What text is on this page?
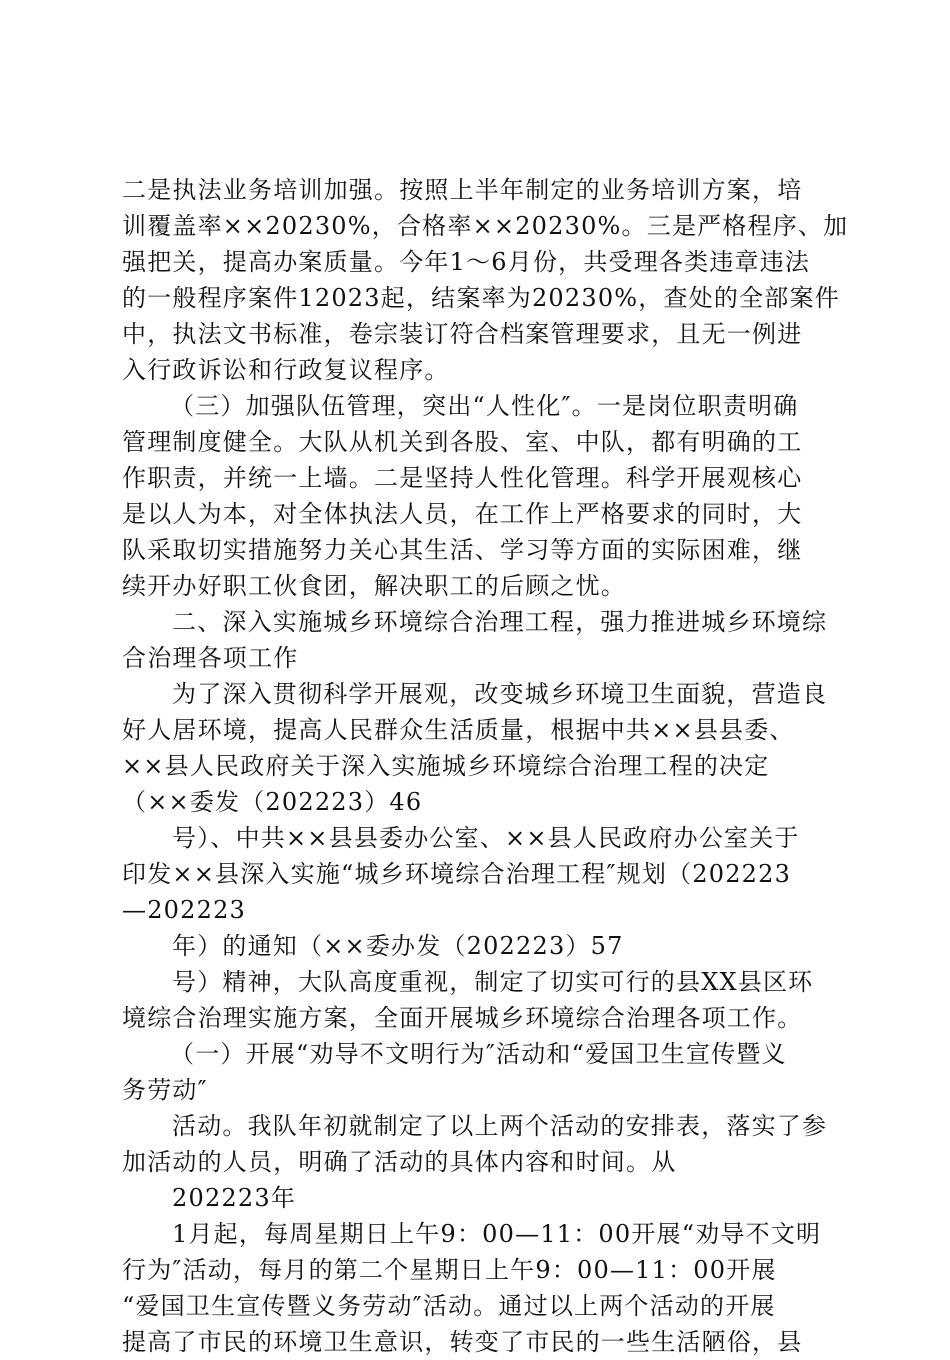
二是执法业务培训加强。按照上半年制定的业务培训方案，培
训覆盖率××20230%，合格率××20230%。三是严格程序、加
强把关，提高办案质量。今年1～6月份，共受理各类违章违法
的一般程序案件12023起，结案率为20230%，查处的全部案件
中，执法文书标准，卷宗装订符合档案管理要求，且无一例进
入行政诉讼和行政复议程序。
（三）加强队伍管理，突出“人性化″。一是岗位职责明确
管理制度健全。大队从机关到各股、室、中队，都有明确的工
作职责，并统一上墙。二是坚持人性化管理。科学开展观核心
是以人为本，对全体执法人员，在工作上严格要求的同时，大
队采取切实措施努力关心其生活、学习等方面的实际困难，继
续开办好职工伙食团，解决职工的后顾之忧。
二、深入实施城乡环境综合治理工程，强力推进城乡环境综
合治理各项工作
为了深入贯彻科学开展观，改变城乡环境卫生面貌，营造良
好人居环境，提高人民群众生活质量，根据中共××县县委、
××县人民政府关于深入实施城乡环境综合治理工程的决定
（××委发（202223）46
号）、中共××县县委办公室、××县人民政府办公室关于
印发××县深入实施“城乡环境综合治理工程″规划（202223
—202223
年）的通知（××委办发（202223）57
号）精神，大队高度重视，制定了切实可行的县XX县区环
境综合治理实施方案，全面开展城乡环境综合治理各项工作。
（一）开展“劝导不文明行为″活动和“爱国卫生宣传暨义
务劳动″
活动。我队年初就制定了以上两个活动的安排表，落实了参
加活动的人员，明确了活动的具体内容和时间。从
202223年
1月起，每周星期日上午9：00—11：00开展“劝导不文明
行为″活动，每月的第二个星期日上午9：00—11：00开展
“爱国卫生宣传暨义务劳动″活动。通过以上两个活动的开展
提高了市民的环境卫生意识，转变了市民的一些生活陋俗，县
